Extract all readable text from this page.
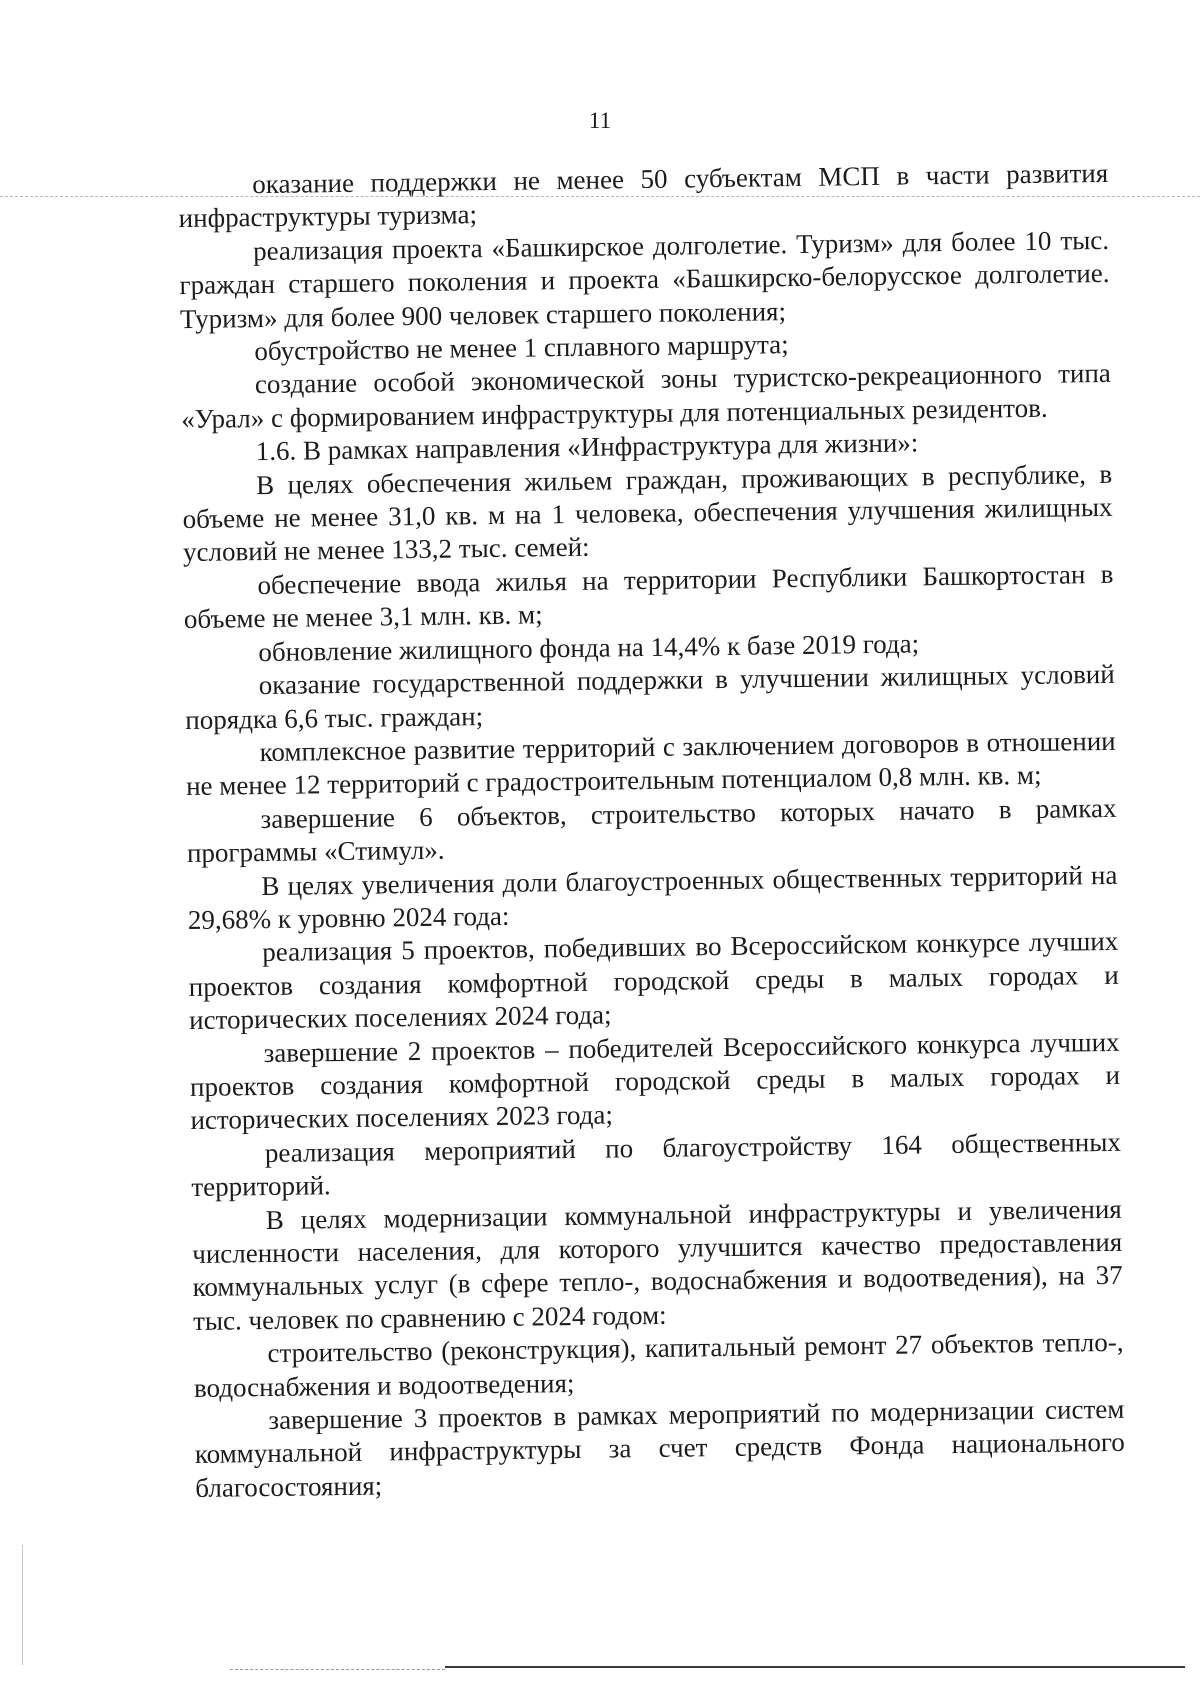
11

оказание поддержки не менее 50 субъектам МСП в части развития инфраструктуры туризма;

реализация проекта «Башкирское долголетие. Туризм» для более 10 тыс. граждан старшего поколения и проекта «Башкирско-белорусское долголетие. Туризм» для более 900 человек старшего поколения;

обустройство не менее 1 сплавного маршрута;

создание особой экономической зоны туристско-рекреационного типа «Урал» с формированием инфраструктуры для потенциальных резидентов.

1.6. В рамках направления «Инфраструктура для жизни»:

В целях обеспечения жильем граждан, проживающих в республике, в объеме не менее 31,0 кв. м на 1 человека, обеспечения улучшения жилищных условий не менее 133,2 тыс. семей:

обеспечение ввода жилья на территории Республики Башкортостан в объеме не менее 3,1 млн. кв. м;

обновление жилищного фонда на 14,4% к базе 2019 года;

оказание государственной поддержки в улучшении жилищных условий порядка 6,6 тыс. граждан;

комплексное развитие территорий с заключением договоров в отношении не менее 12 территорий с градостроительным потенциалом 0,8 млн. кв. м;

завершение 6 объектов, строительство которых начато в рамках программы «Стимул».

В целях увеличения доли благоустроенных общественных территорий на 29,68% к уровню 2024 года:

реализация 5 проектов, победивших во Всероссийском конкурсе лучших проектов создания комфортной городской среды в малых городах и исторических поселениях 2024 года;

завершение 2 проектов – победителей Всероссийского конкурса лучших проектов создания комфортной городской среды в малых городах и исторических поселениях 2023 года;

реализация мероприятий по благоустройству 164 общественных территорий.

В целях модернизации коммунальной инфраструктуры и увеличения численности населения, для которого улучшится качество предоставления коммунальных услуг (в сфере тепло-, водоснабжения и водоотведения), на 37 тыс. человек по сравнению с 2024 годом:

строительство (реконструкция), капитальный ремонт 27 объектов тепло-, водоснабжения и водоотведения;

завершение 3 проектов в рамках мероприятий по модернизации систем коммунальной инфраструктуры за счет средств Фонда национального благосостояния;
